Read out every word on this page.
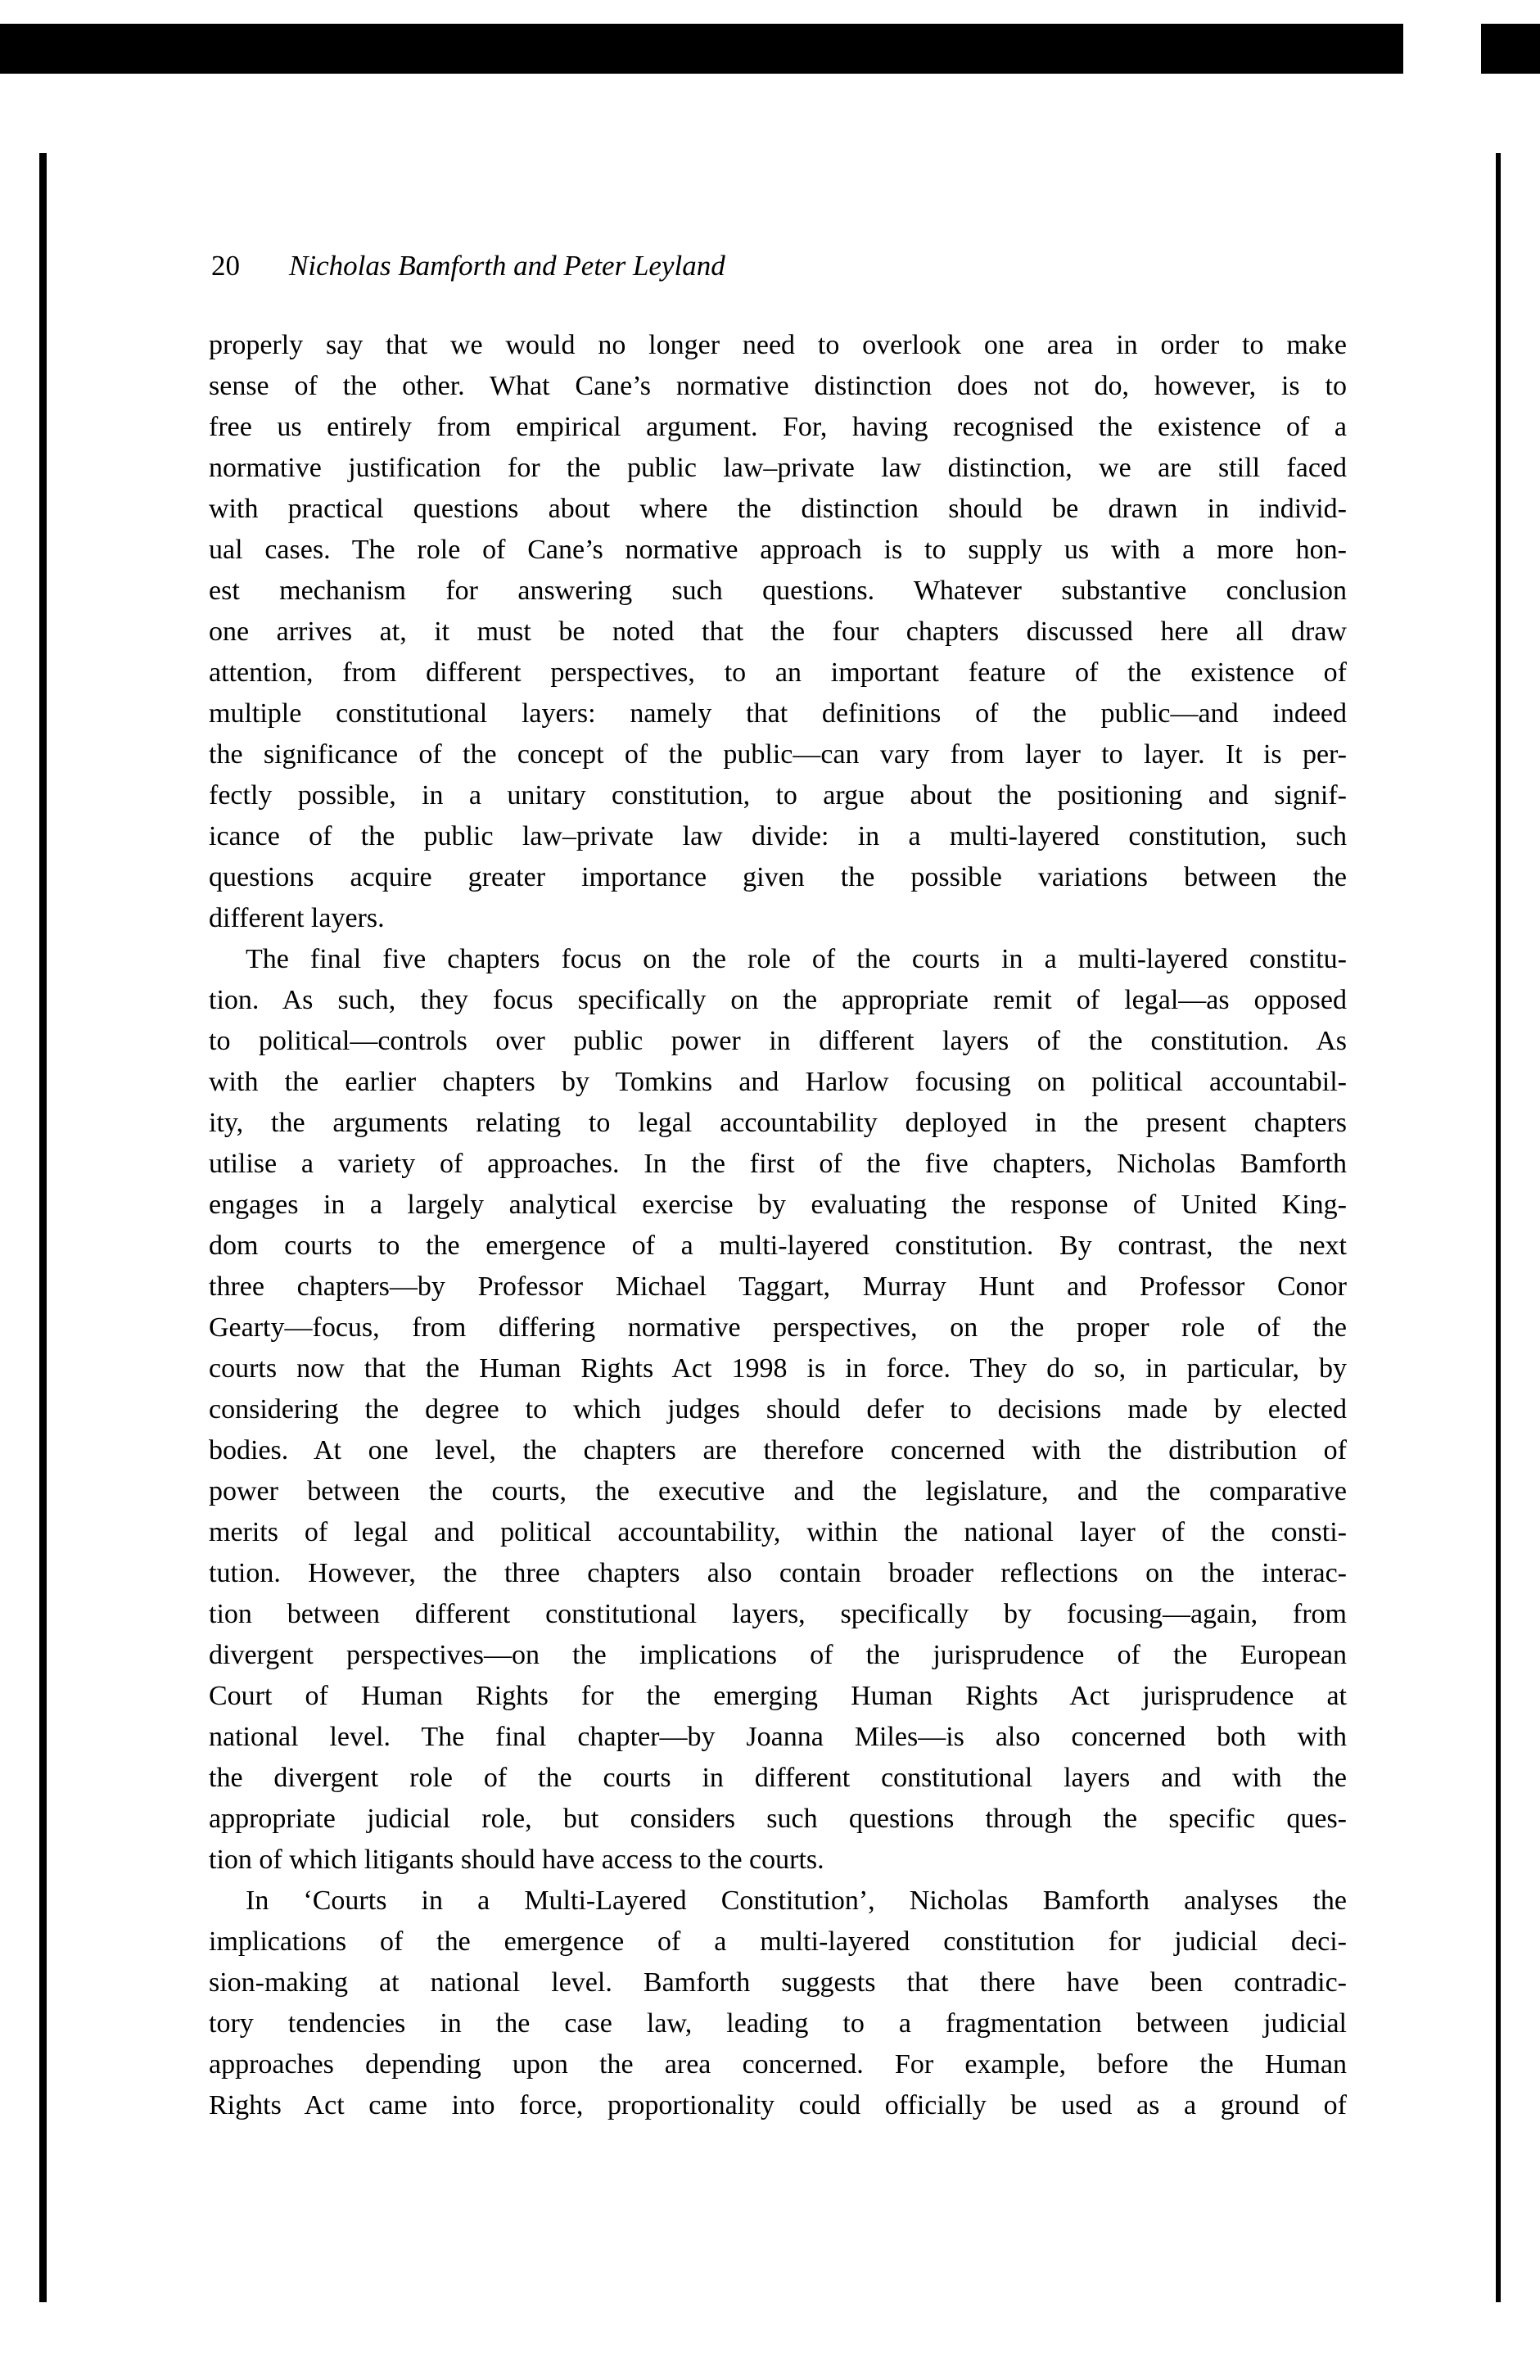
20 Nicholas Bamforth and Peter Leyland
properly say that we would no longer need to overlook one area in order to make
sense of the other. What Cane’s normative distinction does not do, however, is to
free us entirely from empirical argument. For, having recognised the existence of a
normative justification for the public law–private law distinction, we are still faced
with practical questions about where the distinction should be drawn in individ-
ual cases. The role of Cane’s normative approach is to supply us with a more hon-
est mechanism for answering such questions. Whatever substantive conclusion
one arrives at, it must be noted that the four chapters discussed here all draw
attention, from different perspectives, to an important feature of the existence of
multiple constitutional layers: namely that definitions of the public—and indeed
the significance of the concept of the public—can vary from layer to layer. It is per-
fectly possible, in a unitary constitution, to argue about the positioning and signif-
icance of the public law–private law divide: in a multi-layered constitution, such
questions acquire greater importance given the possible variations between the
different layers.
The final five chapters focus on the role of the courts in a multi-layered constitu-
tion. As such, they focus specifically on the appropriate remit of legal—as opposed
to political—controls over public power in different layers of the constitution. As
with the earlier chapters by Tomkins and Harlow focusing on political accountabil-
ity, the arguments relating to legal accountability deployed in the present chapters
utilise a variety of approaches. In the first of the five chapters, Nicholas Bamforth
engages in a largely analytical exercise by evaluating the response of United King-
dom courts to the emergence of a multi-layered constitution. By contrast, the next
three chapters—by Professor Michael Taggart, Murray Hunt and Professor Conor
Gearty—focus, from differing normative perspectives, on the proper role of the
courts now that the Human Rights Act 1998 is in force. They do so, in particular, by
considering the degree to which judges should defer to decisions made by elected
bodies. At one level, the chapters are therefore concerned with the distribution of
power between the courts, the executive and the legislature, and the comparative
merits of legal and political accountability, within the national layer of the consti-
tution. However, the three chapters also contain broader reflections on the interac-
tion between different constitutional layers, specifically by focusing—again, from
divergent perspectives—on the implications of the jurisprudence of the European
Court of Human Rights for the emerging Human Rights Act jurisprudence at
national level. The final chapter—by Joanna Miles—is also concerned both with
the divergent role of the courts in different constitutional layers and with the
appropriate judicial role, but considers such questions through the specific ques-
tion of which litigants should have access to the courts.
In ‘Courts in a Multi-Layered Constitution’, Nicholas Bamforth analyses the
implications of the emergence of a multi-layered constitution for judicial deci-
sion-making at national level. Bamforth suggests that there have been contradic-
tory tendencies in the case law, leading to a fragmentation between judicial
approaches depending upon the area concerned. For example, before the Human
Rights Act came into force, proportionality could officially be used as a ground of
